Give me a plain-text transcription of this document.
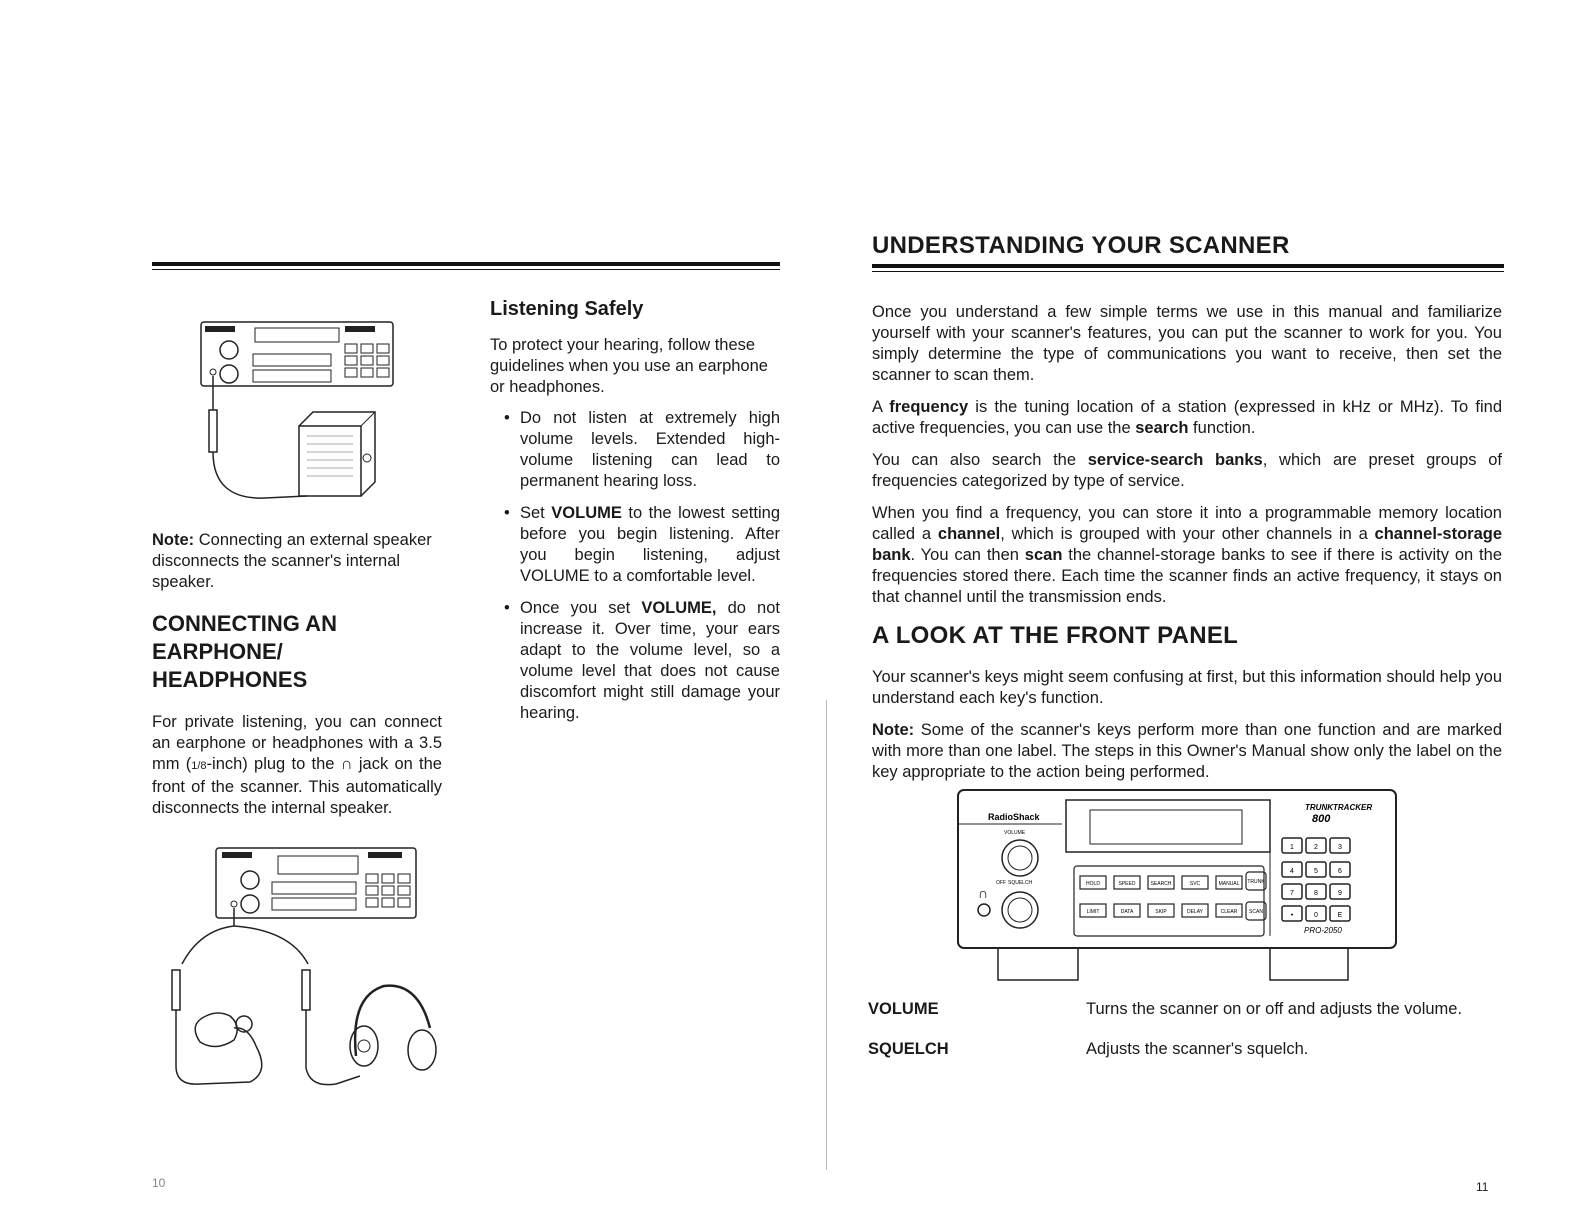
Note: Connecting an external speaker disconnects the scanner's internal speaker.

CONNECTING AN
EARPHONE/
HEADPHONES

For private listening, you can connect an earphone or headphones with a 3.5 mm (1/8-inch) plug to the ∩ jack on the front of the scanner. This automatically disconnects the internal speaker.

Listening Safely

To protect your hearing, follow these guidelines when you use an earphone or headphones.

• Do not listen at extremely high volume levels. Extended high-volume listening can lead to permanent hearing loss.
• Set VOLUME to the lowest setting before you begin listening. After you begin listening, adjust VOLUME to a comfortable level.
• Once you set VOLUME, do not increase it. Over time, your ears adapt to the volume level, so a volume level that does not cause discomfort might still damage your hearing.
10
UNDERSTANDING YOUR SCANNER

Once you understand a few simple terms we use in this manual and familiarize yourself with your scanner's features, you can put the scanner to work for you. You simply determine the type of communications you want to receive, then set the scanner to scan them.

A frequency is the tuning location of a station (expressed in kHz or MHz). To find active frequencies, you can use the search function.

You can also search the service-search banks, which are preset groups of frequencies categorized by type of service.

When you find a frequency, you can store it into a programmable memory location called a channel, which is grouped with your other channels in a channel-storage bank. You can then scan the channel-storage banks to see if there is activity on the frequencies stored there. Each time the scanner finds an active frequency, it stays on that channel until the transmission ends.

A LOOK AT THE FRONT PANEL

Your scanner's keys might seem confusing at first, but this information should help you understand each key's function.

Note: Some of the scanner's keys perform more than one function and are marked with more than one label. The steps in this Owner's Manual show only the label on the key appropriate to the action being performed.

RadioShack
TRUNKTRACKER
800
VOLUME
OFF SQUELCH
∩
HOLD	SPEED	SEARCH	SVC	MANUAL
LIMIT	DATA	SKIP	DELAY	CLEAR
TRUNK
SCAN
1	2	3
4	5	6
7	8	9
•	0	E
PRO-2050
VOLUME	Turns the scanner on or off and adjusts the volume.
SQUELCH	Adjusts the scanner's squelch.
11
